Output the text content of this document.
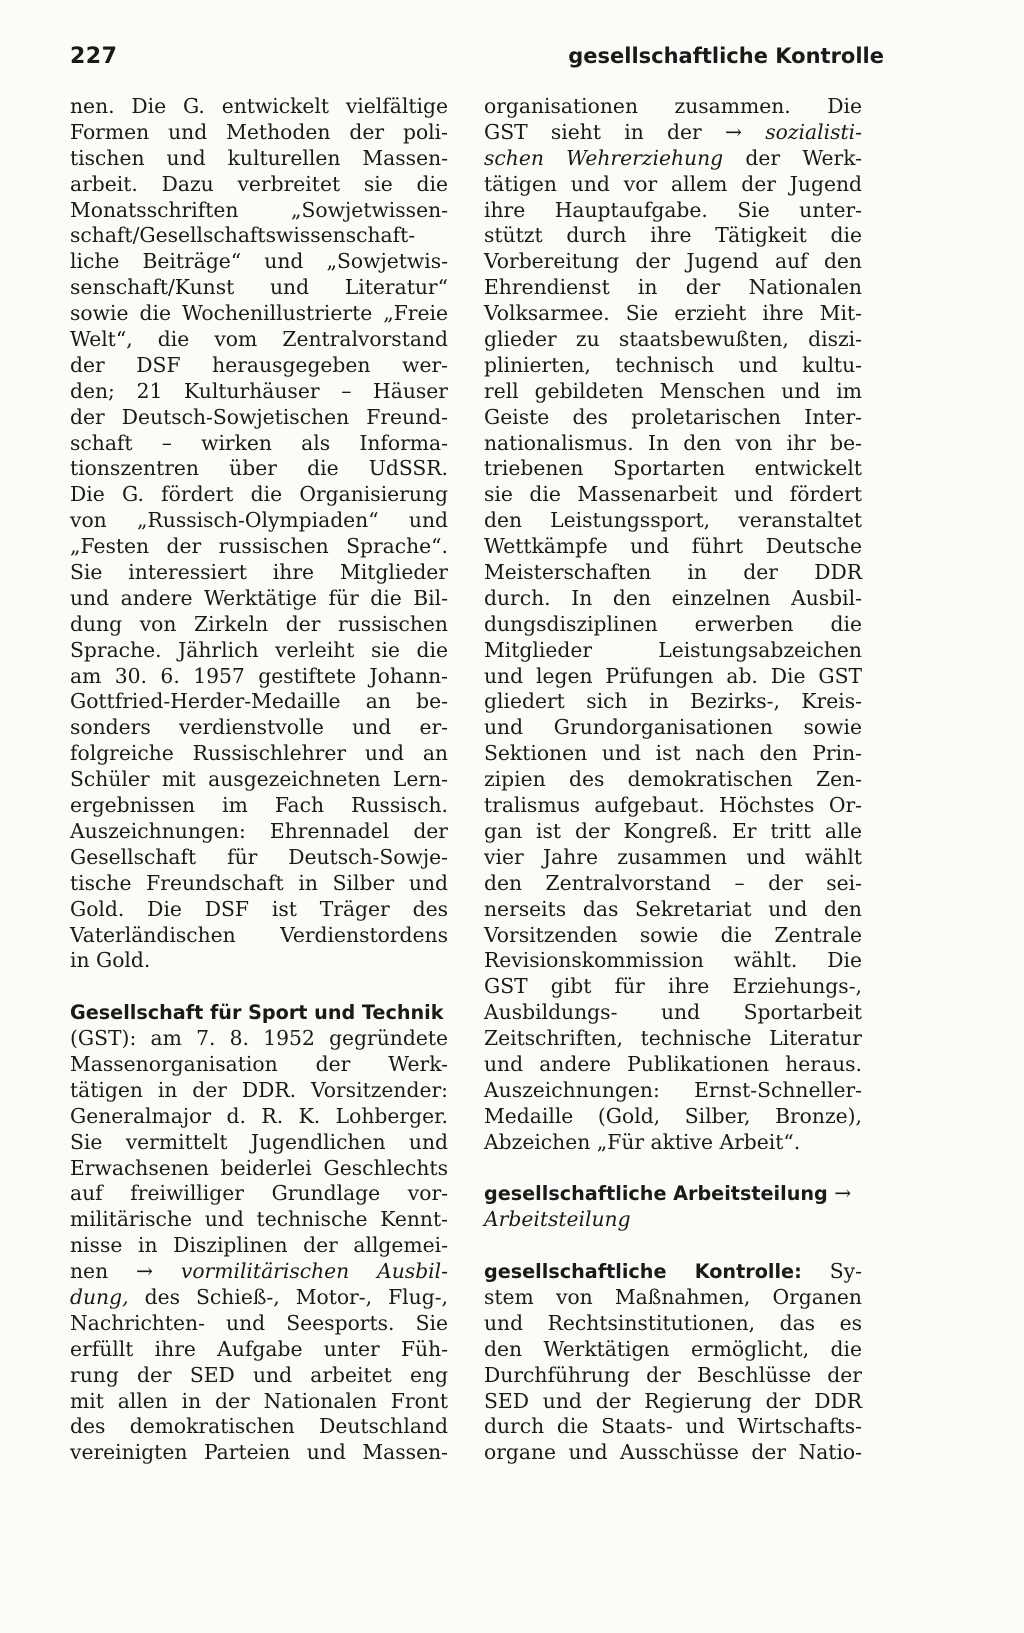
227	gesellschaftliche Kontrolle
nen. Die G. entwickelt vielfältige
Formen und Methoden der poli-
tischen und kulturellen Massen-
arbeit. Dazu verbreitet sie die
Monatsschriften „Sowjetwissen-
schaft/Gesellschaftswissenschaft-
liche Beiträge“ und „Sowjetwis-
senschaft/Kunst und Literatur“
sowie die Wochenillustrierte „Freie
Welt“, die vom Zentralvorstand
der DSF herausgegeben wer-
den; 21 Kulturhäuser – Häuser
der Deutsch-Sowjetischen Freund-
schaft – wirken als Informa-
tionszentren über die UdSSR.
Die G. fördert die Organisierung
von „Russisch-Olympiaden“ und
„Festen der russischen Sprache“.
Sie interessiert ihre Mitglieder
und andere Werktätige für die Bil-
dung von Zirkeln der russischen
Sprache. Jährlich verleiht sie die
am 30. 6. 1957 gestiftete Johann-
Gottfried-Herder-Medaille an be-
sonders verdienstvolle und er-
folgreiche Russischlehrer und an
Schüler mit ausgezeichneten Lern-
ergebnissen im Fach Russisch.
Auszeichnungen: Ehrennadel der
Gesellschaft für Deutsch-Sowje-
tische Freundschaft in Silber und
Gold. Die DSF ist Träger des
Vaterländischen Verdienstordens
in Gold.
Gesellschaft für Sport und Technik
(GST): am 7. 8. 1952 gegründete
Massenorganisation der Werk-
tätigen in der DDR. Vorsitzender:
Generalmajor d. R. K. Lohberger.
Sie vermittelt Jugendlichen und
Erwachsenen beiderlei Geschlechts
auf freiwilliger Grundlage vor-
militärische und technische Kennt-
nisse in Disziplinen der allgemei-
nen → vormilitärischen Ausbil-
dung, des Schieß-, Motor-, Flug-,
Nachrichten- und Seesports. Sie
erfüllt ihre Aufgabe unter Füh-
rung der SED und arbeitet eng
mit allen in der Nationalen Front
des demokratischen Deutschland
vereinigten Parteien und Massen-
organisationen zusammen. Die
GST sieht in der → sozialisti-
schen Wehrerziehung der Werk-
tätigen und vor allem der Jugend
ihre Hauptaufgabe. Sie unter-
stützt durch ihre Tätigkeit die
Vorbereitung der Jugend auf den
Ehrendienst in der Nationalen
Volksarmee. Sie erzieht ihre Mit-
glieder zu staatsbewußten, diszi-
plinierten, technisch und kultu-
rell gebildeten Menschen und im
Geiste des proletarischen Inter-
nationalismus. In den von ihr be-
triebenen Sportarten entwickelt
sie die Massenarbeit und fördert
den Leistungssport, veranstaltet
Wettkämpfe und führt Deutsche
Meisterschaften in der DDR
durch. In den einzelnen Ausbil-
dungsdisziplinen erwerben die
Mitglieder Leistungsabzeichen
und legen Prüfungen ab. Die GST
gliedert sich in Bezirks-, Kreis-
und Grundorganisationen sowie
Sektionen und ist nach den Prin-
zipien des demokratischen Zen-
tralismus aufgebaut. Höchstes Or-
gan ist der Kongreß. Er tritt alle
vier Jahre zusammen und wählt
den Zentralvorstand – der sei-
nerseits das Sekretariat und den
Vorsitzenden sowie die Zentrale
Revisionskommission wählt. Die
GST gibt für ihre Erziehungs-,
Ausbildungs- und Sportarbeit
Zeitschriften, technische Literatur
und andere Publikationen heraus.
Auszeichnungen: Ernst-Schneller-
Medaille (Gold, Silber, Bronze),
Abzeichen „Für aktive Arbeit“.
gesellschaftliche Arbeitsteilung →
Arbeitsteilung
gesellschaftliche Kontrolle: Sy-
stem von Maßnahmen, Organen
und Rechtsinstitutionen, das es
den Werktätigen ermöglicht, die
Durchführung der Beschlüsse der
SED und der Regierung der DDR
durch die Staats- und Wirtschafts-
organe und Ausschüsse der Natio-
